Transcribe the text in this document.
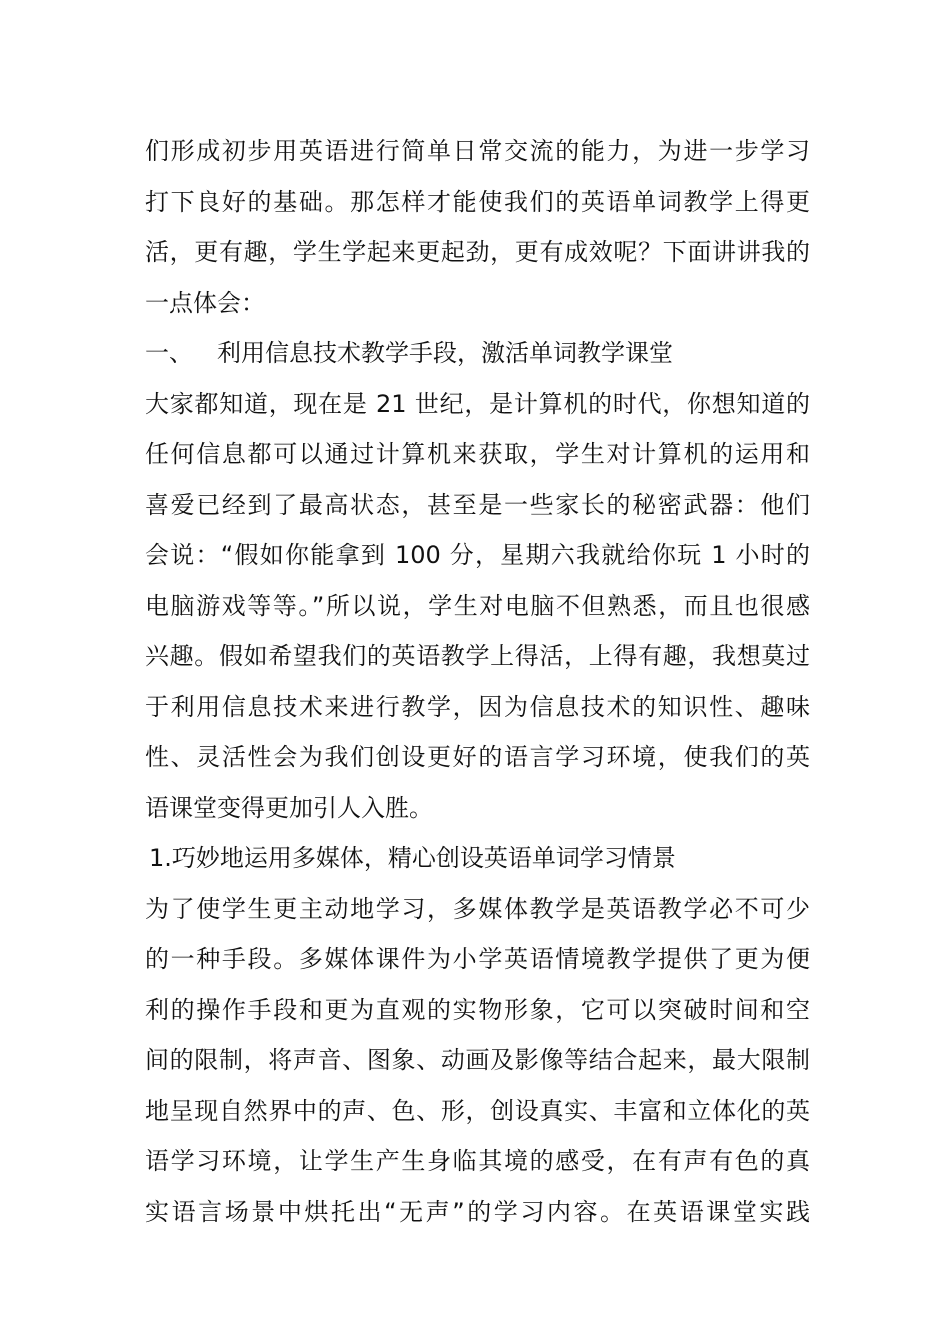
们形成初步用英语进行简单日常交流的能力，为进一步学习
打下良好的基础。那怎样才能使我们的英语单词教学上得更
活，更有趣，学生学起来更起劲，更有成效呢？下面讲讲我的
一点体会：
一、 利用信息技术教学手段，激活单词教学课堂
大家都知道，现在是 21 世纪，是计算机的时代，你想知道的
任何信息都可以通过计算机来获取，学生对计算机的运用和
喜爱已经到了最高状态，甚至是一些家长的秘密武器：他们
会说：“假如你能拿到 100 分，星期六我就给你玩 1 小时的
电脑游戏等等。”所以说，学生对电脑不但熟悉，而且也很感
兴趣。假如希望我们的英语教学上得活，上得有趣，我想莫过
于利用信息技术来进行教学，因为信息技术的知识性、趣味
性、灵活性会为我们创设更好的语言学习环境，使我们的英
语课堂变得更加引人入胜。
1.巧妙地运用多媒体，精心创设英语单词学习情景
为了使学生更主动地学习，多媒体教学是英语教学必不可少
的一种手段。多媒体课件为小学英语情境教学提供了更为便
利的操作手段和更为直观的实物形象，它可以突破时间和空
间的限制，将声音、图象、动画及影像等结合起来，最大限制
地呈现自然界中的声、色、形，创设真实、丰富和立体化的英
语学习环境，让学生产生身临其境的感受，在有声有色的真
实语言场景中烘托出“无声”的学习内容。在英语课堂实践
